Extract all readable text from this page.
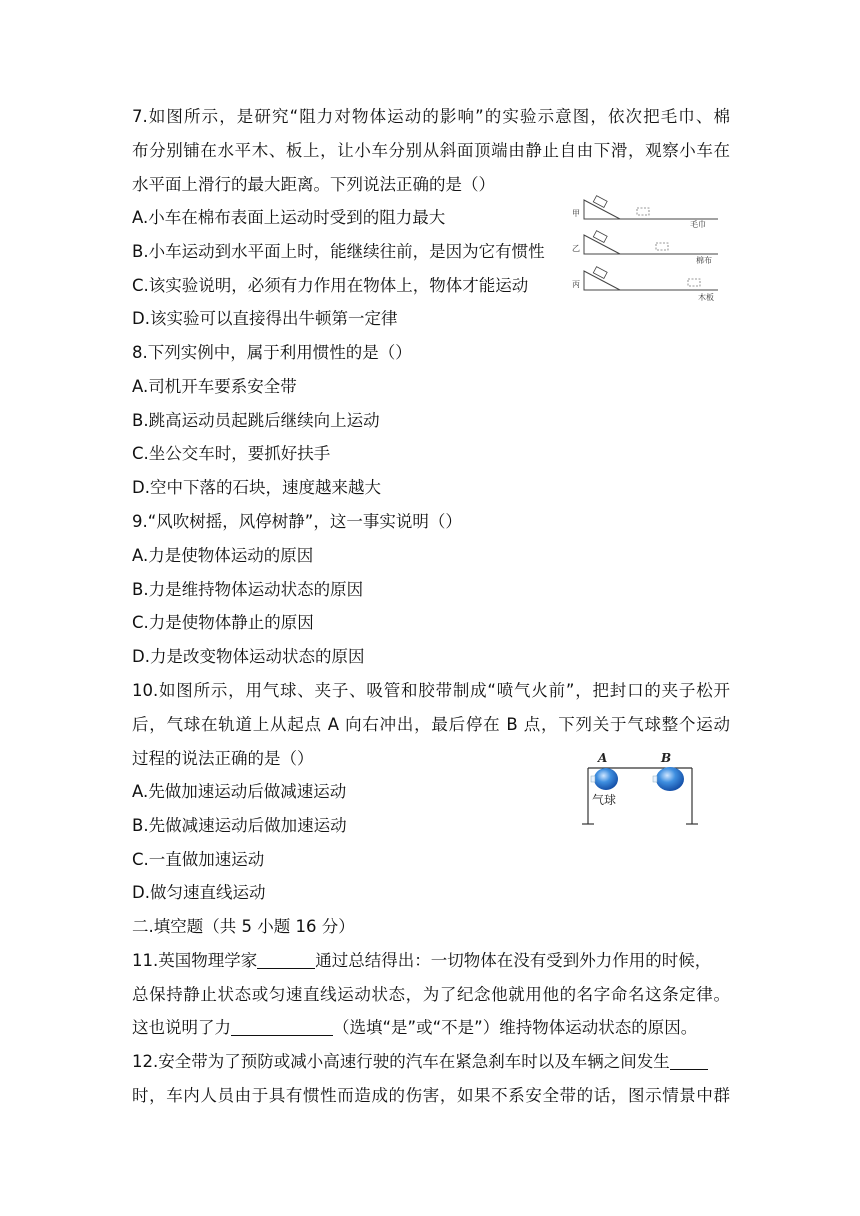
7.如图所示，是研究“阻力对物体运动的影响”的实验示意图，依次把毛巾、棉
布分别铺在水平木、板上，让小车分别从斜面顶端由静止自由下滑，观察小车在
水平面上滑行的最大距离。下列说法正确的是（）
A.小车在棉布表面上运动时受到的阻力最大
B.小车运动到水平面上时，能继续往前，是因为它有惯性
C.该实验说明，必须有力作用在物体上，物体才能运动
D.该实验可以直接得出牛顿第一定律
甲
毛巾
乙
棉布
丙
木板
8.下列实例中，属于利用惯性的是（）
A.司机开车要系安全带
B.跳高运动员起跳后继续向上运动
C.坐公交车时，要抓好扶手
D.空中下落的石块，速度越来越大
9.“风吹树摇，风停树静”，这一事实说明（）
A.力是使物体运动的原因
B.力是维持物体运动状态的原因
C.力是使物体静止的原因
D.力是改变物体运动状态的原因
10.如图所示，用气球、夹子、吸管和胶带制成“喷气火前”，把封口的夹子松开
后，气球在轨道上从起点 A 向右冲出，最后停在 B 点，下列关于气球整个运动
过程的说法正确的是（）
A.先做加速运动后做减速运动
B.先做减速运动后做加速运动
C.一直做加速运动
D.做匀速直线运动
A	B
气球
二.填空题（共 5 小题 16 分）
11.英国物理学家	通过总结得出：一切物体在没有受到外力作用的时候，
总保持静止状态或匀速直线运动状态，为了纪念他就用他的名字命名这条定律。
这也说明了力	（选填“是”或“不是”）维持物体运动状态的原因。
12.安全带为了预防或减小高速行驶的汽车在紧急刹车时以及车辆之间发生
时，车内人员由于具有惯性而造成的伤害，如果不系安全带的话，图示情景中群
